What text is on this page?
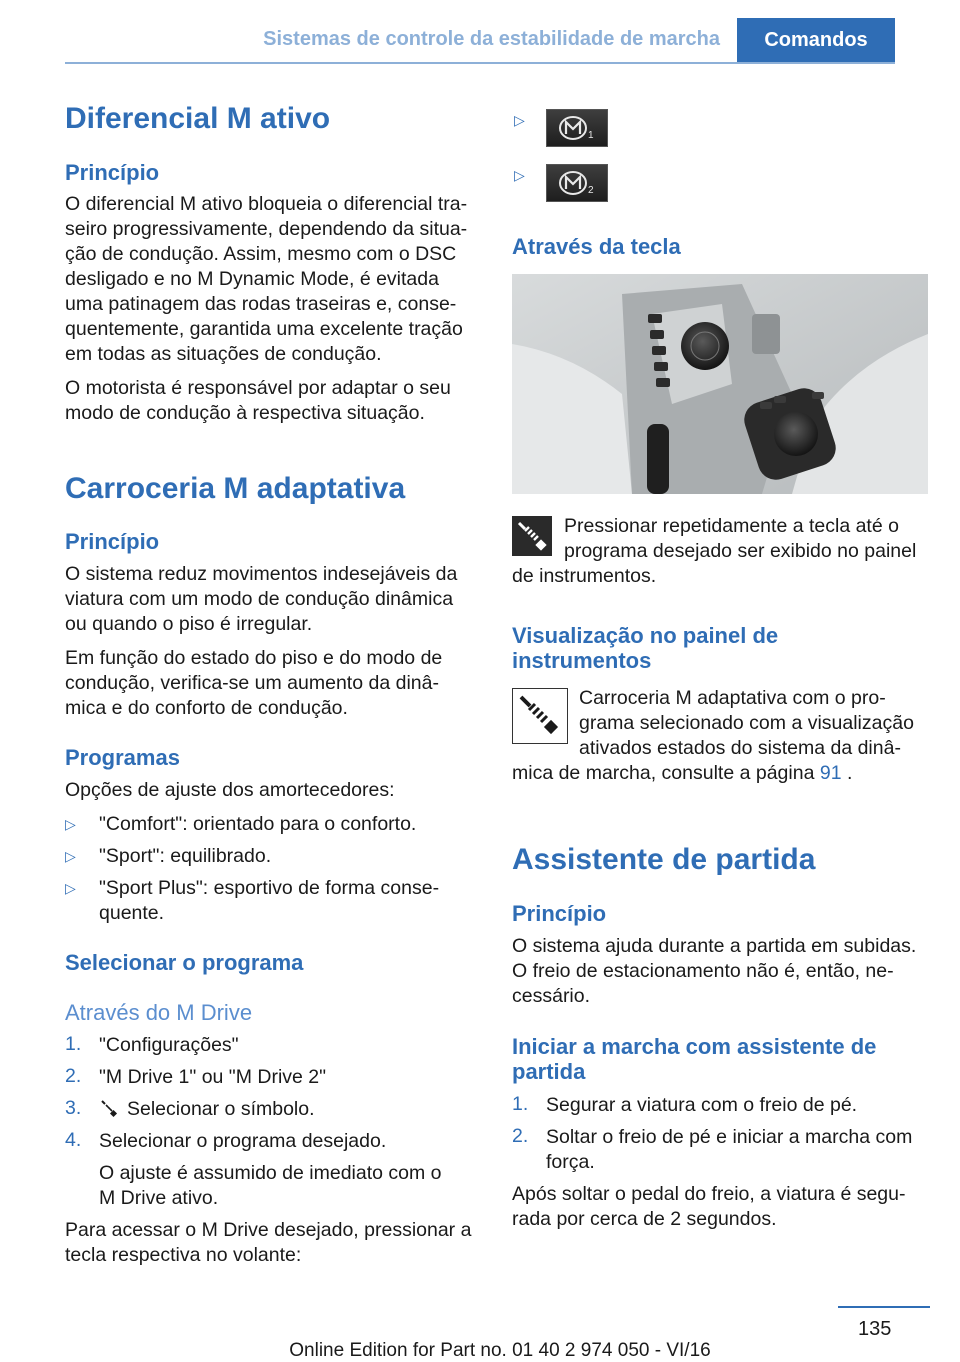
Sistemas de controle da estabilidade de marcha	Comandos
Diferencial M ativo
Princípio
O diferencial M ativo bloqueia o diferencial tra-
seiro progressivamente, dependendo da situa-
ção de condução. Assim, mesmo com o DSC
desligado e no M Dynamic Mode, é evitada
uma patinagem das rodas traseiras e, conse-
quentemente, garantida uma excelente tração
em todas as situações de condução.
O motorista é responsável por adaptar o seu
modo de condução à respectiva situação.
Carroceria M adaptativa
Princípio
O sistema reduz movimentos indesejáveis da
viatura com um modo de condução dinâmica
ou quando o piso é irregular.
Em função do estado do piso e do modo de
condução, verifica-se um aumento da dinâ-
mica e do conforto de condução.
Programas
Opções de ajuste dos amortecedores:
▷ "Comfort": orientado para o conforto.
▷ "Sport": equilibrado.
▷ "Sport Plus": esportivo de forma conse-
quente.
Selecionar o programa
Através do M Drive
1. "Configurações"
2. "M Drive 1" ou "M Drive 2"
3. Selecionar o símbolo.
4. Selecionar o programa desejado.
O ajuste é assumido de imediato com o
M Drive ativo.
Para acessar o M Drive desejado, pressionar a
tecla respectiva no volante:
▷
1
▷
2
Através da tecla
Pressionar repetidamente a tecla até o
programa desejado ser exibido no painel
de instrumentos.
Visualização no painel de
instrumentos
Carroceria M adaptativa com o pro-
grama selecionado com a visualização
ativados estados do sistema da dinâ-
mica de marcha, consulte a página 91 .
Assistente de partida
Princípio
O sistema ajuda durante a partida em subidas.
O freio de estacionamento não é, então, ne-
cessário.
Iniciar a marcha com assistente de
partida
1. Segurar a viatura com o freio de pé.
2. Soltar o freio de pé e iniciar a marcha com
força.
Após soltar o pedal do freio, a viatura é segu-
rada por cerca de 2 segundos.
135
Online Edition for Part no. 01 40 2 974 050 - VI/16
